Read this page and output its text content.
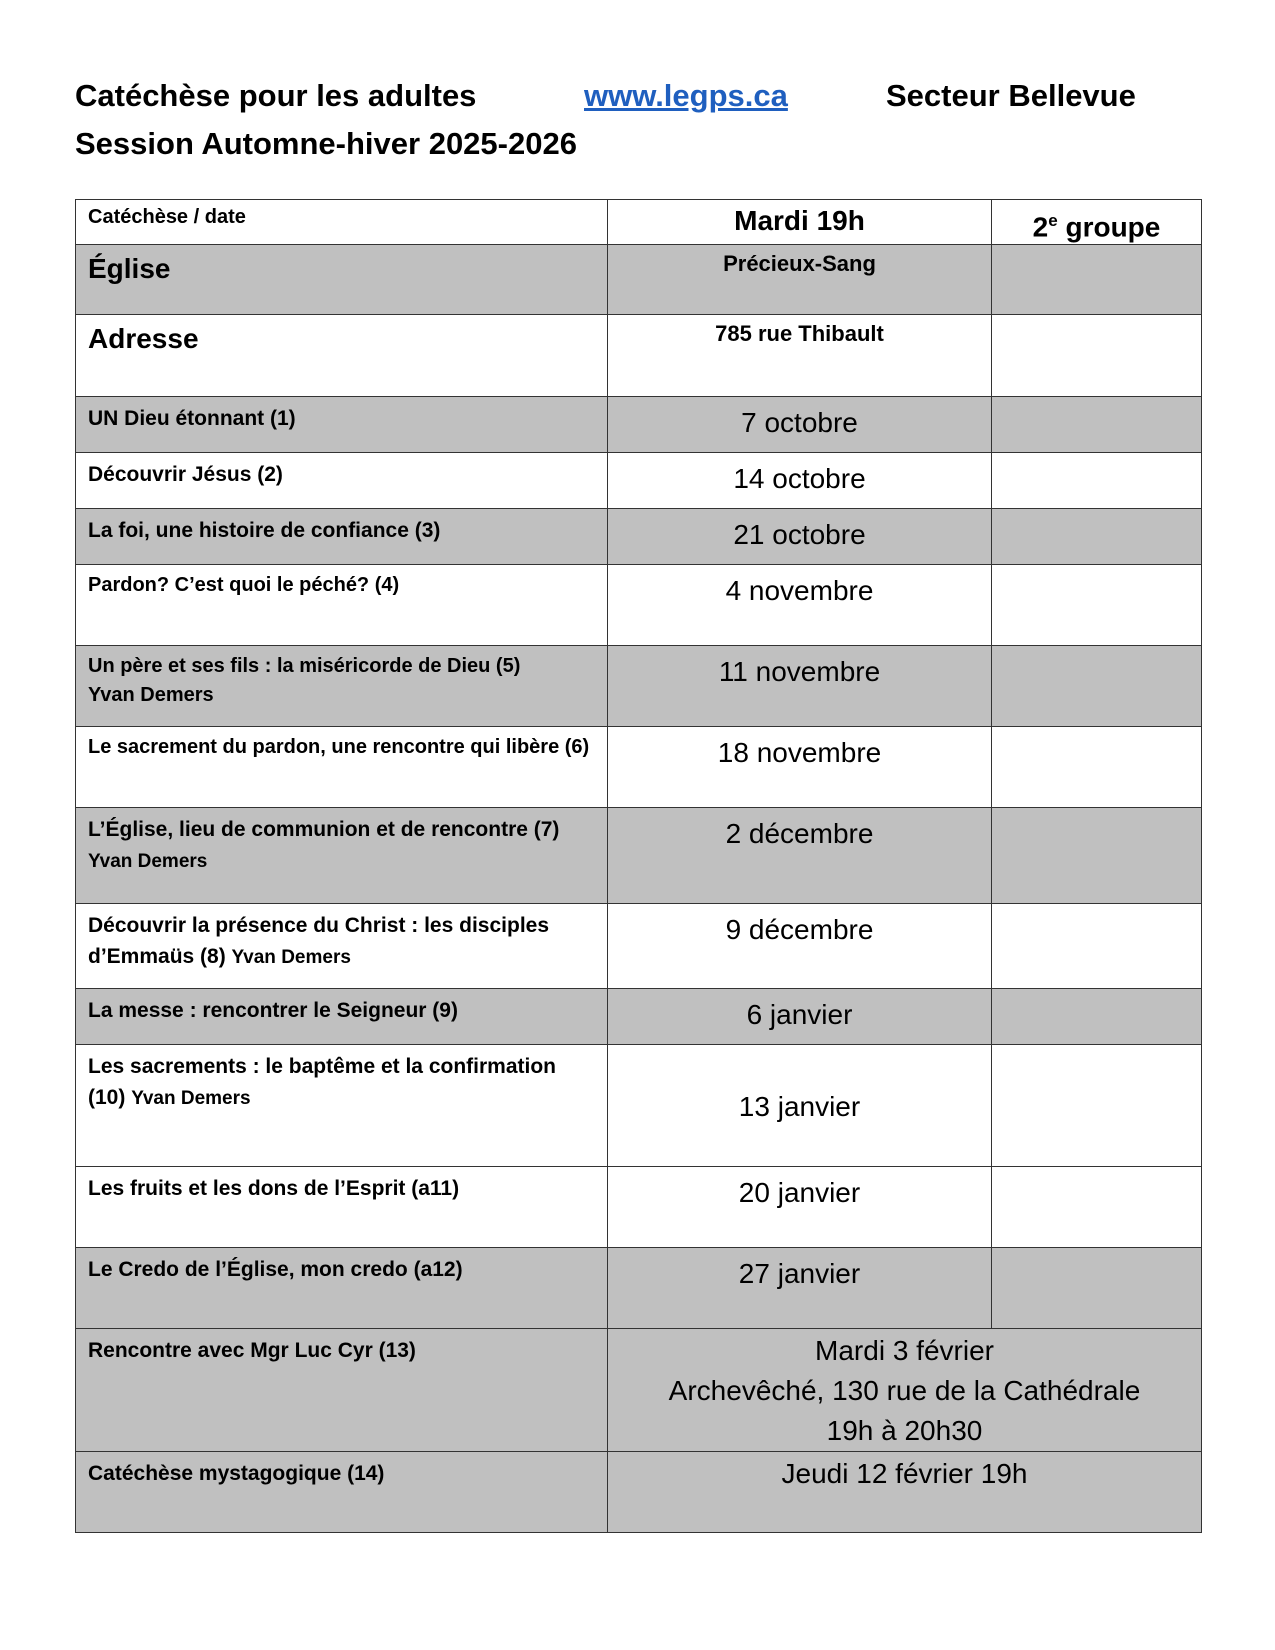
Catéchèse pour les adultes	www.legps.ca	Secteur Bellevue
Session Automne-hiver 2025-2026
Catéchèse / date	Mardi 19h	2e groupe

Église	Précieux-Sang	

Adresse	785 rue Thibault	

UN Dieu étonnant (1)	7 octobre	

Découvrir Jésus (2)	14 octobre	

La foi, une histoire de confiance (3)	21 octobre	

Pardon? C’est quoi le péché? (4)	4 novembre	

Un père et ses fils : la miséricorde de Dieu (5)
Yvan Demers	11 novembre	

Le sacrement du pardon, une rencontre qui libère (6)	18 novembre	

L’Église, lieu de communion et de rencontre (7) Yvan Demers	2 décembre	

Découvrir la présence du Christ : les disciples d’Emmaüs (8) Yvan Demers	9 décembre	

La messe : rencontrer le Seigneur (9)	6 janvier	

Les sacrements : le baptême et la confirmation (10) Yvan Demers	13 janvier	

Les fruits et les dons de l’Esprit (a11)	20 janvier	

Le Credo de l’Église, mon credo (a12)	27 janvier	

Rencontre avec Mgr Luc Cyr (13)	Mardi 3 février
Archevêché, 130 rue de la Cathédrale
19h à 20h30	

Catéchèse mystagogique (14)	Jeudi 12 février 19h	
